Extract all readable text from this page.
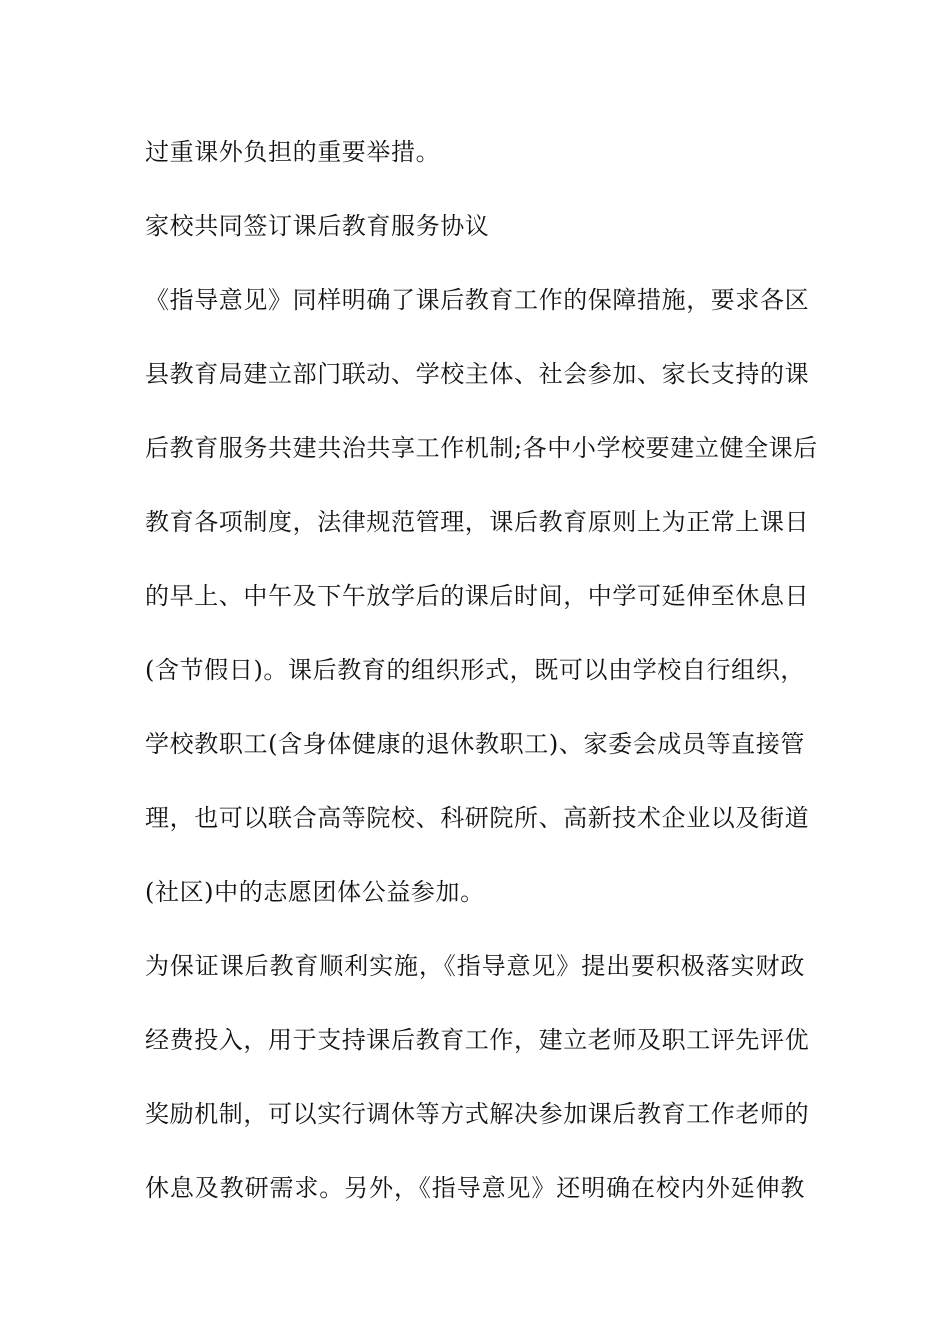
过重课外负担的重要举措。
家校共同签订课后教育服务协议
《指导意见》同样明确了课后教育工作的保障措施，要求各区
县教育局建立部门联动、学校主体、社会参加、家长支持的课
后教育服务共建共治共享工作机制;各中小学校要建立健全课后
教育各项制度，法律规范管理，课后教育原则上为正常上课日
的早上、中午及下午放学后的课后时间，中学可延伸至休息日
(含节假日)。课后教育的组织形式，既可以由学校自行组织，
学校教职工(含身体健康的退休教职工)、家委会成员等直接管
理，也可以联合高等院校、科研院所、高新技术企业以及街道
(社区)中的志愿团体公益参加。
为保证课后教育顺利实施，《指导意见》提出要积极落实财政
经费投入，用于支持课后教育工作，建立老师及职工评先评优
奖励机制，可以实行调休等方式解决参加课后教育工作老师的
休息及教研需求。另外，《指导意见》还明确在校内外延伸教
